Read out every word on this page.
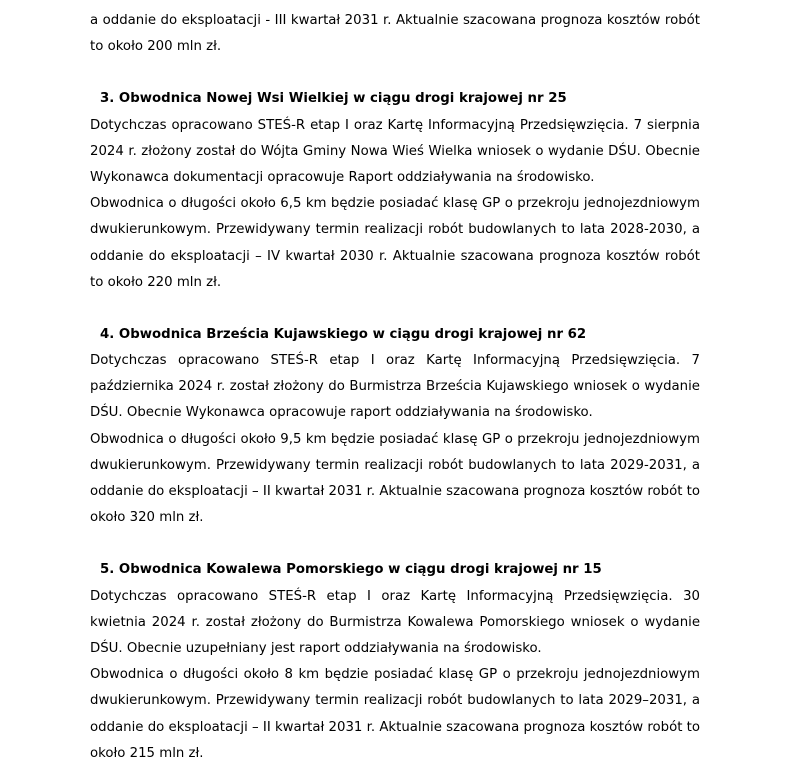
a oddanie do eksploatacji - III kwartał 2031 r. Aktualnie szacowana prognoza kosztów robót to około 200 mln zł.

3. Obwodnica Nowej Wsi Wielkiej w ciągu drogi krajowej nr 25

Dotychczas opracowano STEŚ-R etap I oraz Kartę Informacyjną Przedsięwzięcia. 7 sierpnia 2024 r. złożony został do Wójta Gminy Nowa Wieś Wielka wniosek o wydanie DŚU. Obecnie Wykonawca dokumentacji opracowuje Raport oddziaływania na środowisko.

Obwodnica o długości około 6,5 km będzie posiadać klasę GP o przekroju jednojezdniowym dwukierunkowym. Przewidywany termin realizacji robót budowlanych to lata 2028-2030, a oddanie do eksploatacji – IV kwartał 2030 r. Aktualnie szacowana prognoza kosztów robót to około 220 mln zł.

4. Obwodnica Brześcia Kujawskiego w ciągu drogi krajowej nr 62

Dotychczas opracowano STEŚ-R etap I oraz Kartę Informacyjną Przedsięwzięcia. 7 października 2024 r. został złożony do Burmistrza Brześcia Kujawskiego wniosek o wydanie DŚU. Obecnie Wykonawca opracowuje raport oddziaływania na środowisko.

Obwodnica o długości około 9,5 km będzie posiadać klasę GP o przekroju jednojezdniowym dwukierunkowym. Przewidywany termin realizacji robót budowlanych to lata 2029-2031, a oddanie do eksploatacji – II kwartał 2031 r. Aktualnie szacowana prognoza kosztów robót to około 320 mln zł.

5. Obwodnica Kowalewa Pomorskiego w ciągu drogi krajowej nr 15

Dotychczas opracowano STEŚ-R etap I oraz Kartę Informacyjną Przedsięwzięcia. 30 kwietnia 2024 r. został złożony do Burmistrza Kowalewa Pomorskiego wniosek o wydanie DŚU. Obecnie uzupełniany jest raport oddziaływania na środowisko.

Obwodnica o długości około 8 km będzie posiadać klasę GP o przekroju jednojezdniowym dwukierunkowym. Przewidywany termin realizacji robót budowlanych to lata 2029–2031, a oddanie do eksploatacji – II kwartał 2031 r. Aktualnie szacowana prognoza kosztów robót to około 215 mln zł.
